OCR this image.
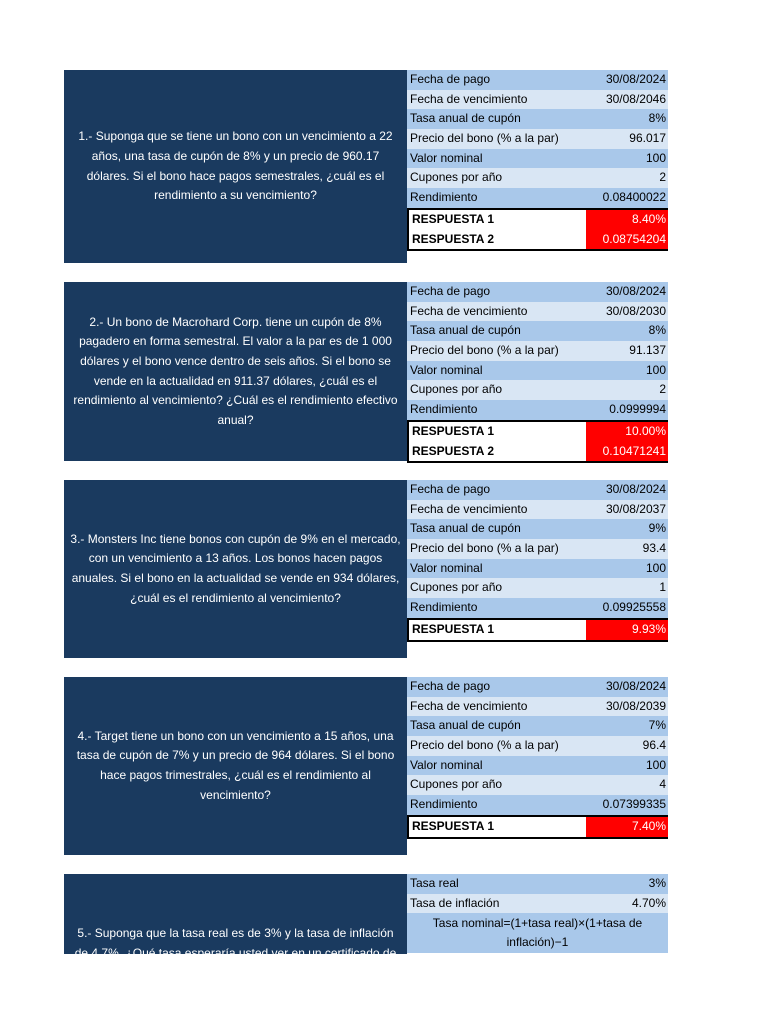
1.- Suponga que se tiene un bono con un vencimiento a 22 años, una tasa de cupón de 8% y un precio de 960.17 dólares. Si el bono hace pagos semestrales, ¿cuál es el rendimiento a su vencimiento?
Fecha de pago	30/08/2024
Fecha de vencimiento	30/08/2046
Tasa anual de cupón	8%
Precio del bono (% a la par)	96.017
Valor nominal	100
Cupones por año	2
Rendimiento	0.08400022
RESPUESTA 1	8.40%
RESPUESTA 2	0.08754204
2.- Un bono de Macrohard Corp. tiene un cupón de 8% pagadero en forma semestral. El valor a la par es de 1 000 dólares y el bono vence dentro de seis años. Si el bono se vende en la actualidad en 911.37 dólares, ¿cuál es el rendimiento al vencimiento? ¿Cuál es el rendimiento efectivo anual?
Fecha de pago	30/08/2024
Fecha de vencimiento	30/08/2030
Tasa anual de cupón	8%
Precio del bono (% a la par)	91.137
Valor nominal	100
Cupones por año	2
Rendimiento	0.0999994
RESPUESTA 1	10.00%
RESPUESTA 2	0.10471241
3.- Monsters Inc tiene bonos con cupón de 9% en el mercado, con un vencimiento a 13 años. Los bonos hacen pagos anuales. Si el bono en la actualidad se vende en 934 dólares, ¿cuál es el rendimiento al vencimiento?
Fecha de pago	30/08/2024
Fecha de vencimiento	30/08/2037
Tasa anual de cupón	9%
Precio del bono (% a la par)	93.4
Valor nominal	100
Cupones por año	1
Rendimiento	0.09925558
RESPUESTA 1	9.93%
4.- Target tiene un bono con un vencimiento a 15 años, una tasa de cupón de 7% y un precio de 964 dólares. Si el bono hace pagos trimestrales, ¿cuál es el rendimiento al vencimiento?
Fecha de pago	30/08/2024
Fecha de vencimiento	30/08/2039
Tasa anual de cupón	7%
Precio del bono (% a la par)	96.4
Valor nominal	100
Cupones por año	4
Rendimiento	0.07399335
RESPUESTA 1	7.40%
5.- Suponga que la tasa real es de 3% y la tasa de inflación de 4.7%. ¿Qué tasa esperaría usted ver en un certificado de la
Tasa real	3%
Tasa de inflación	4.70%
Tasa nominal=(1+tasa real)×(1+tasa de inflación)−1
